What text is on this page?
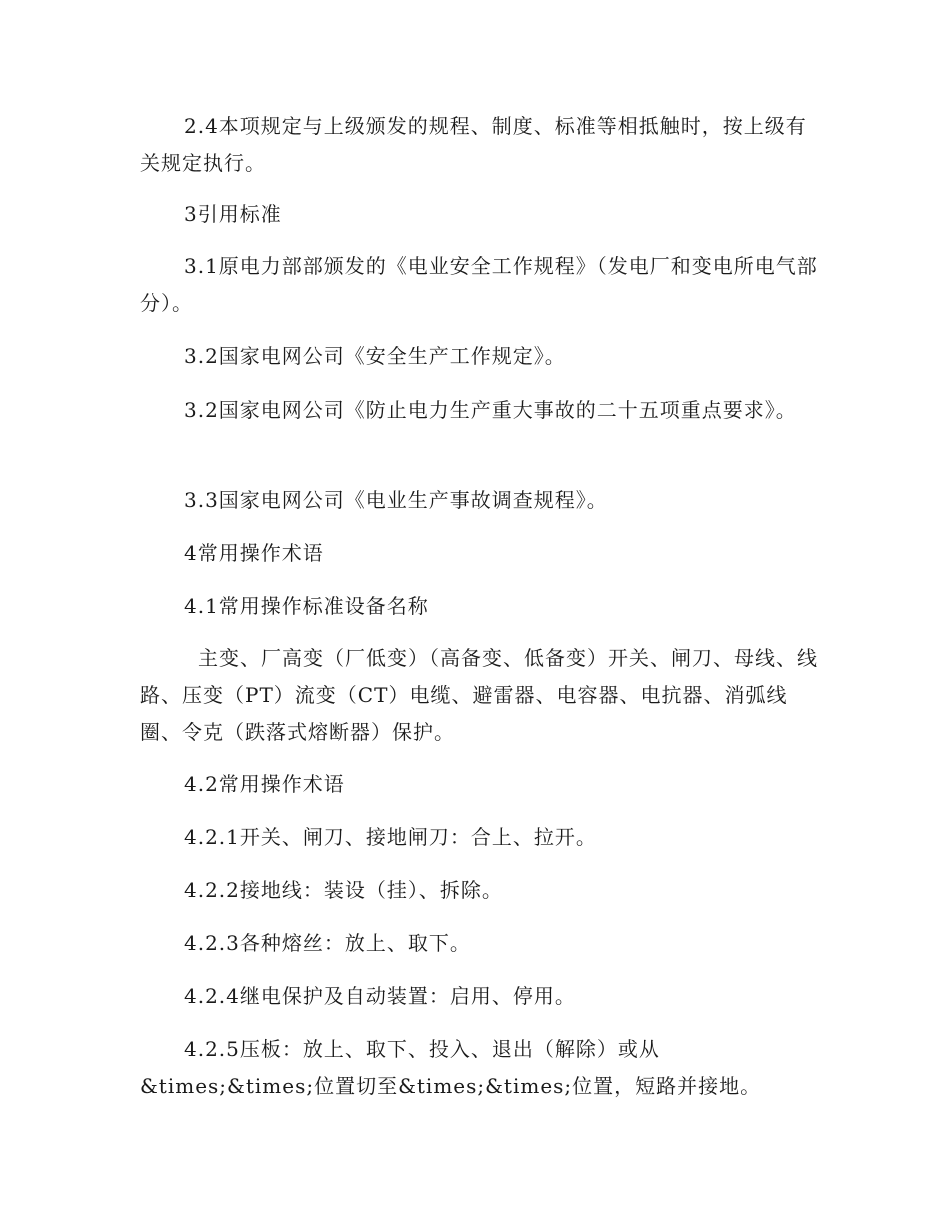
2.4本项规定与上级颁发的规程、制度、标准等相抵触时，按上级有关规定执行。
3引用标准
3.1原电力部部颁发的《电业安全工作规程》（发电厂和变电所电气部分）。
3.2国家电网公司《安全生产工作规定》。
3.2国家电网公司《防止电力生产重大事故的二十五项重点要求》。
3.3国家电网公司《电业生产事故调查规程》。
4常用操作术语
4.1常用操作标准设备名称
主变、厂高变（厂低变）（高备变、低备变）开关、闸刀、母线、线路、压变（PT）流变（CT）电缆、避雷器、电容器、电抗器、消弧线圈、令克（跌落式熔断器）保护。
4.2常用操作术语
4.2.1开关、闸刀、接地闸刀：合上、拉开。
4.2.2接地线：装设（挂）、拆除。
4.2.3各种熔丝：放上、取下。
4.2.4继电保护及自动装置：启用、停用。
4.2.5压板：放上、取下、投入、退出（解除）或从
&times;&times;位置切至&times;&times;位置，短路并接地。
